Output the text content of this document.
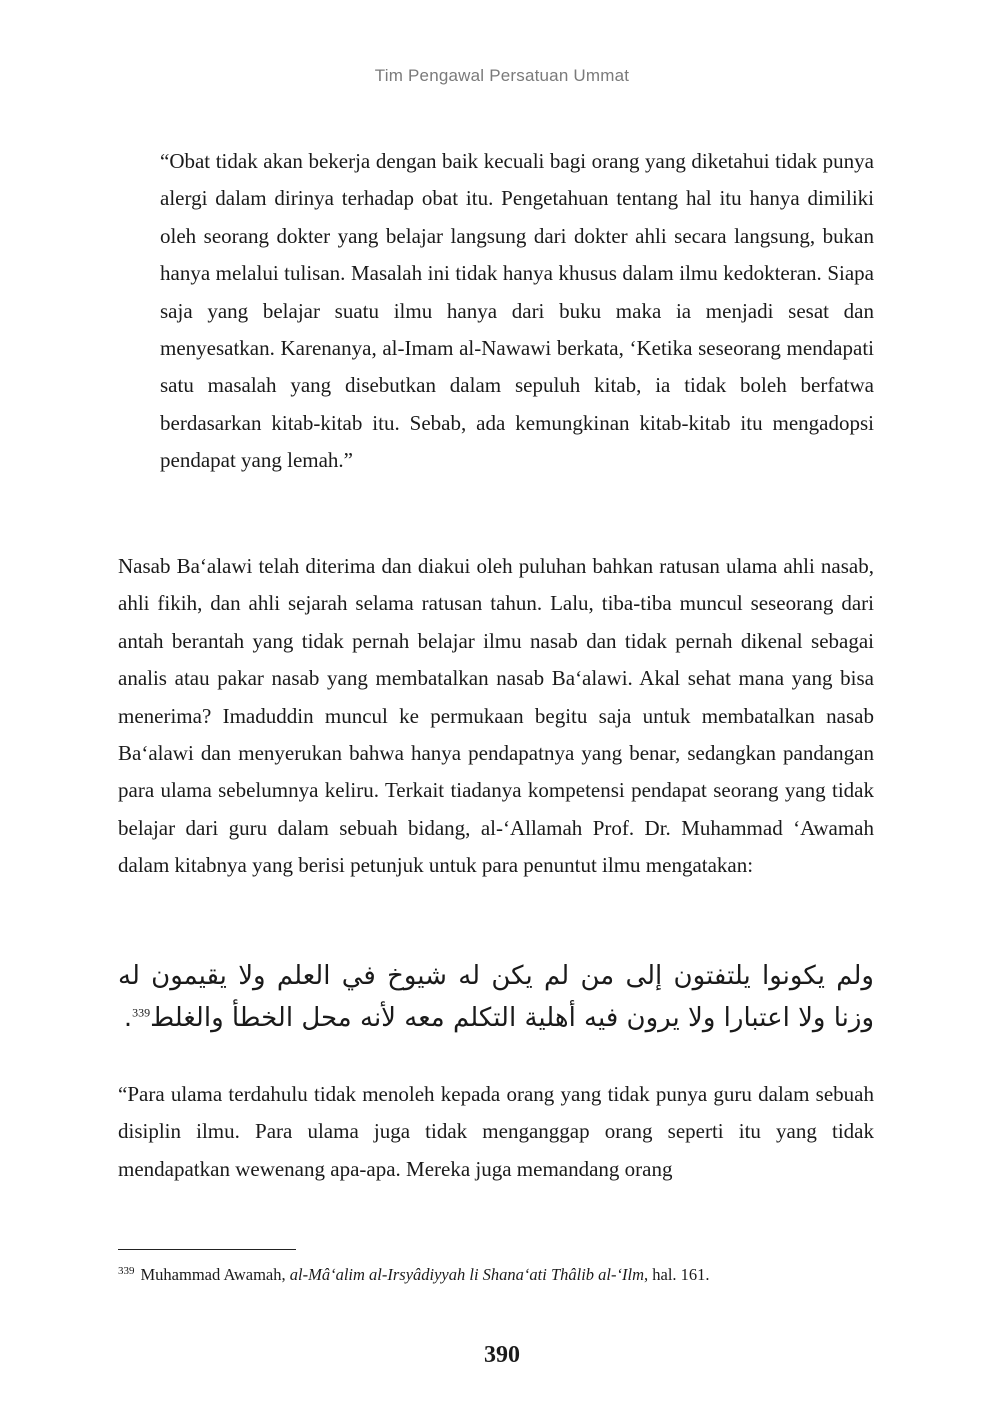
Tim Pengawal Persatuan Ummat

“Obat tidak akan bekerja dengan baik kecuali bagi orang yang diketahui tidak punya alergi dalam dirinya terhadap obat itu. Pengetahuan tentang hal itu hanya dimiliki oleh seorang dokter yang belajar langsung dari dokter ahli secara langsung, bukan hanya melalui tulisan. Masalah ini tidak hanya khusus dalam ilmu kedokteran. Siapa saja yang belajar suatu ilmu hanya dari buku maka ia menjadi sesat dan menyesatkan. Karenanya, al-Imam al-Nawawi berkata, ‘Ketika seseorang mendapati satu masalah yang disebutkan dalam sepuluh kitab, ia tidak boleh berfatwa berdasarkan kitab-kitab itu. Sebab, ada kemungkinan kitab-kitab itu mengadopsi pendapat yang lemah.”

Nasab Ba‘alawi telah diterima dan diakui oleh puluhan bahkan ratusan ulama ahli nasab, ahli fikih, dan ahli sejarah selama ratusan tahun. Lalu, tiba-tiba muncul seseorang dari antah berantah yang tidak pernah belajar ilmu nasab dan tidak pernah dikenal sebagai analis atau pakar nasab yang membatalkan nasab Ba‘alawi. Akal sehat mana yang bisa menerima? Imaduddin muncul ke permukaan begitu saja untuk membatalkan nasab Ba‘alawi dan menyerukan bahwa hanya pendapatnya yang benar, sedangkan pandangan para ulama sebelumnya keliru. Terkait tiadanya kompetensi pendapat seorang yang tidak belajar dari guru dalam sebuah bidang, al-‘Allamah Prof. Dr. Muhammad ‘Awamah dalam kitabnya yang berisi petunjuk untuk para penuntut ilmu mengatakan:

ولم يكونوا يلتفتون إلى من لم يكن له شيوخ في العلم ولا يقيمون له وزنا ولا اعتبارا ولا يرون فيه أهلية التكلم معه لأنه محل الخطأ والغلط$^{339}$.

“Para ulama terdahulu tidak menoleh kepada orang yang tidak punya guru dalam sebuah disiplin ilmu. Para ulama juga tidak menganggap orang seperti itu yang tidak mendapatkan wewenang apa-apa. Mereka juga memandang orang

$^{339}$ Muhammad Awamah, al-Mâ‘alim al-Irsyâdiyyah li Shana‘ati Thâlib al-‘Ilm, hal. 161.

390
